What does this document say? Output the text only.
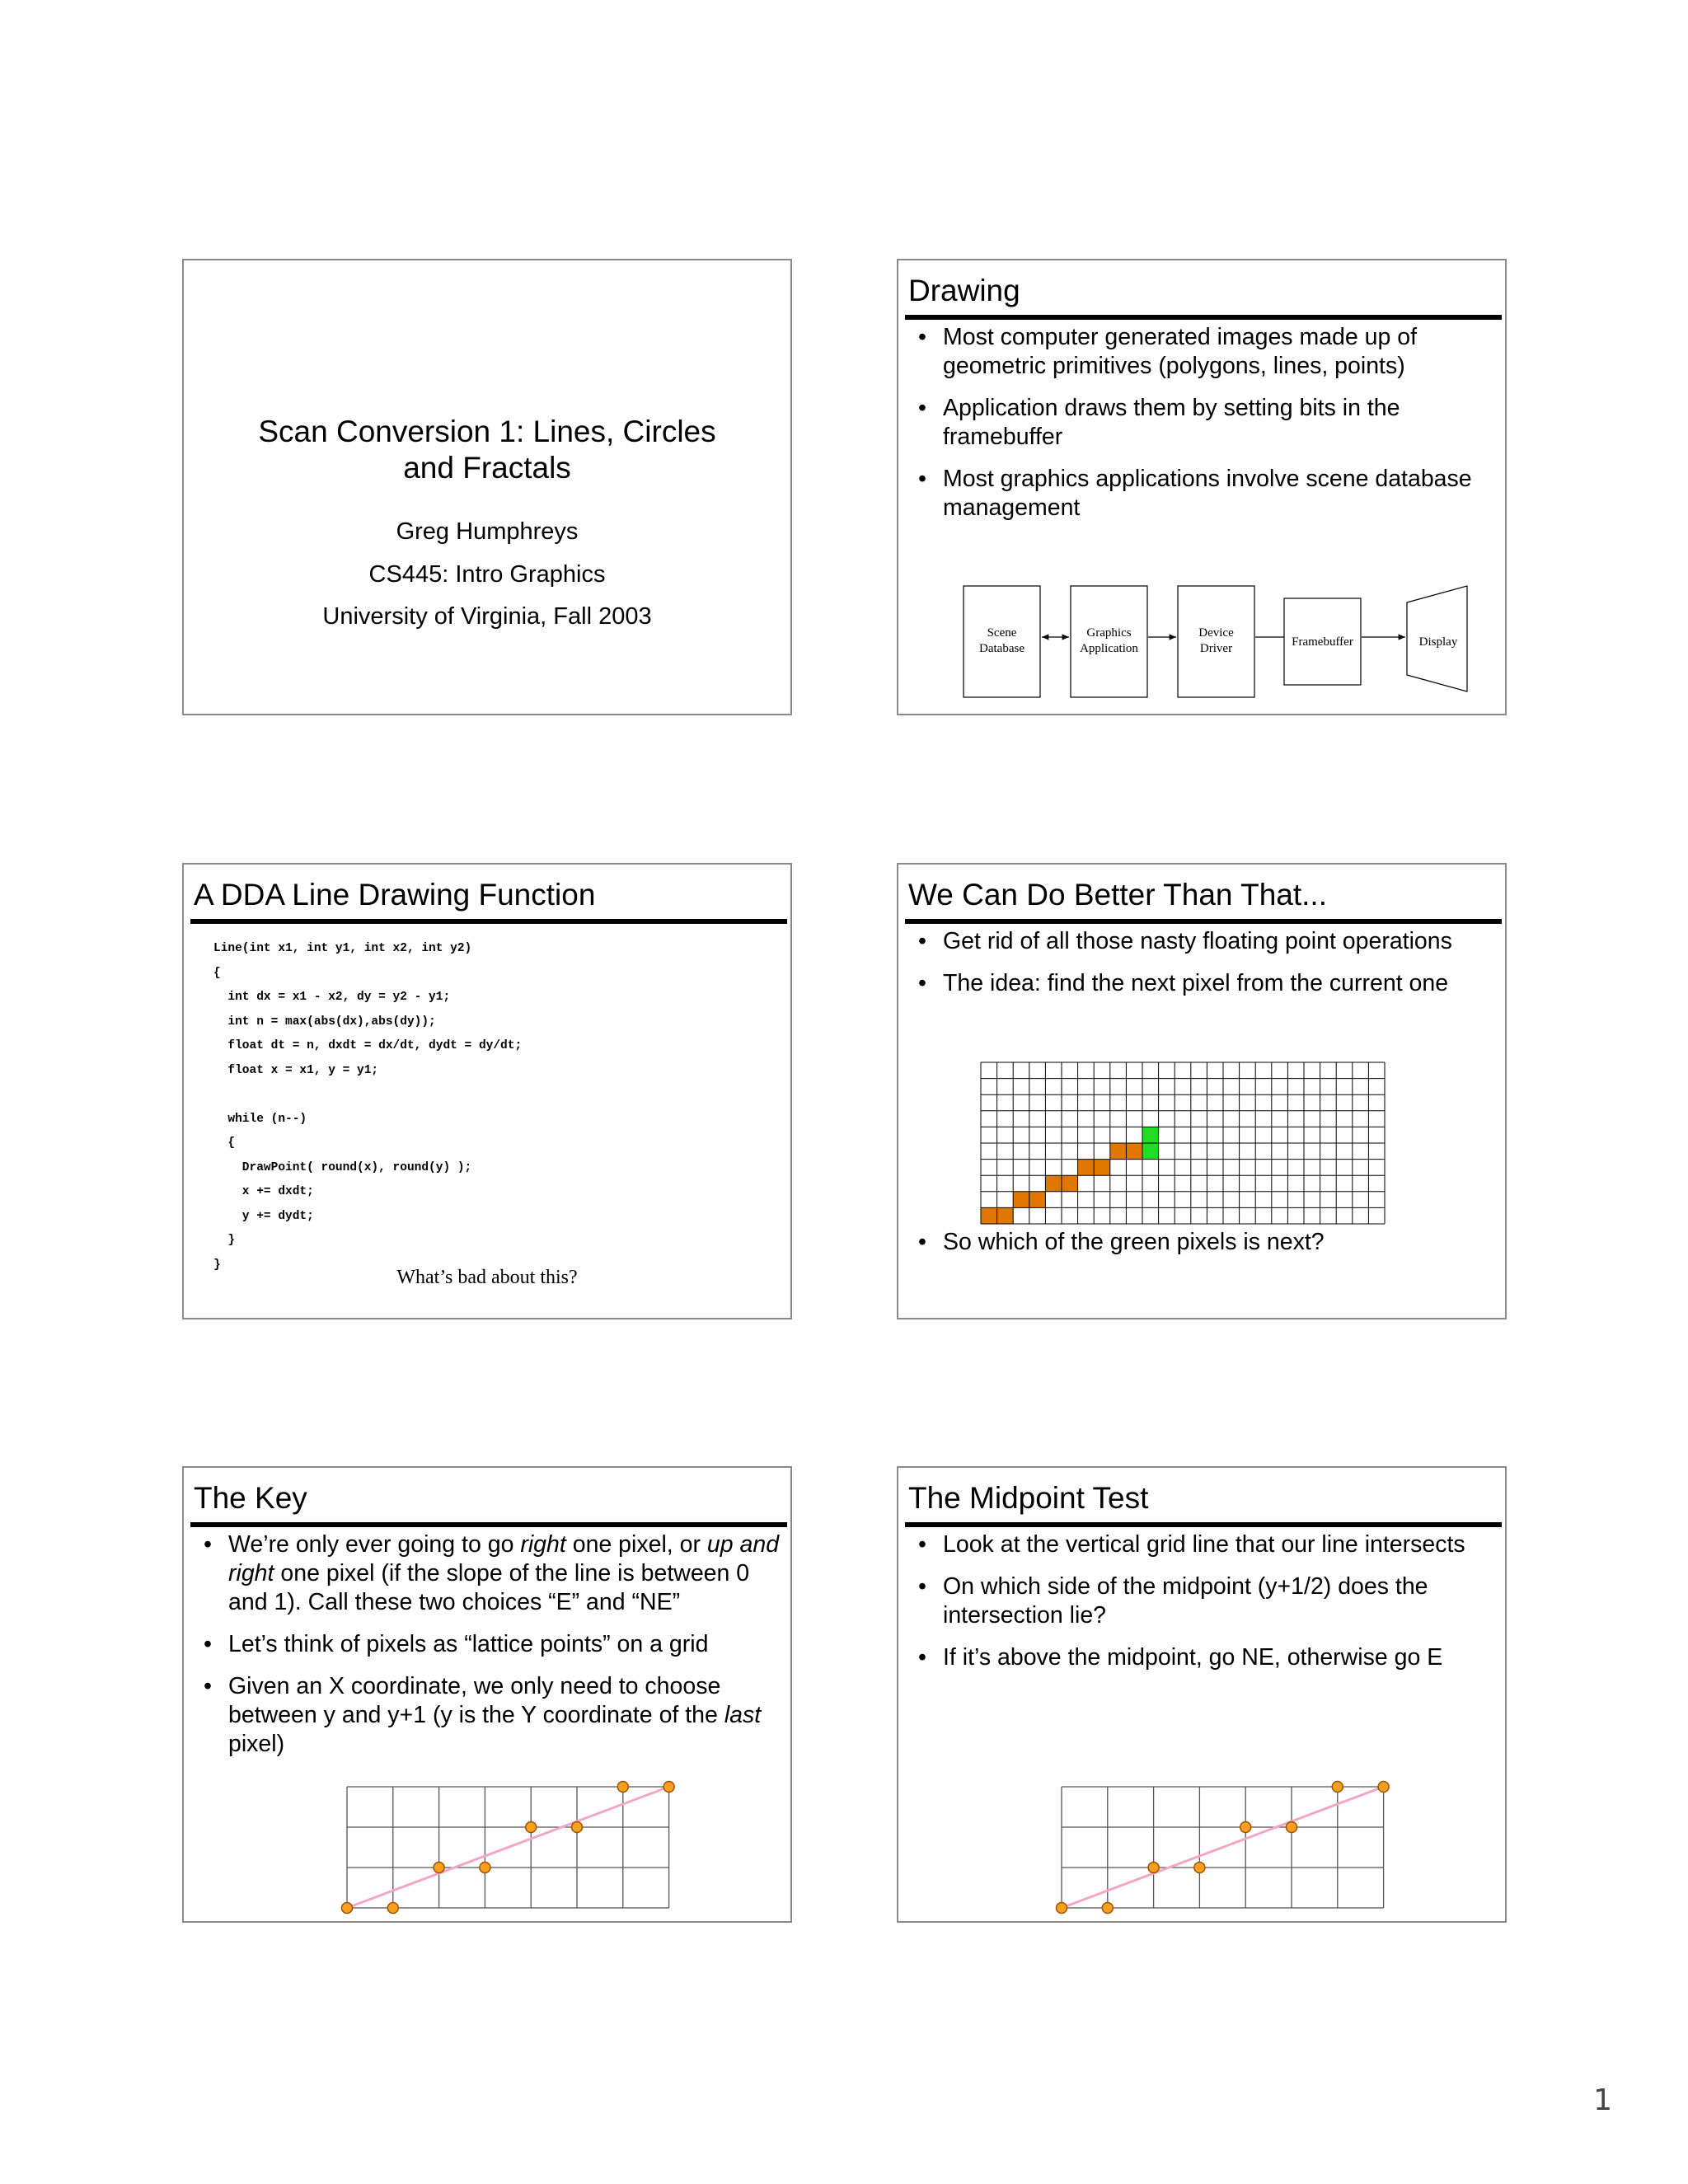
Scan Conversion 1: Lines, Circles
and Fractals
Greg Humphreys
CS445: Intro Graphics
University of Virginia, Fall 2003
Drawing
• Most computer generated images made up of geometric primitives (polygons, lines, points)
• Application draws them by setting bits in the framebuffer
• Most graphics applications involve scene database management
Scene
Database
Graphics
Application
Device
Driver	Framebuffer	Display
A DDA Line Drawing Function
Line(int x1, int y1, int x2, int y2)
{
int dx = x1 - x2, dy = y2 - y1;
int n = max(abs(dx),abs(dy));
float dt = n, dxdt = dx/dt, dydt = dy/dt;
float x = x1, y = y1;

while (n--)
{
DrawPoint( round(x), round(y) );
x += dxdt;
y += dydt;
}
}
What’s bad about this?
We Can Do Better Than That...
• Get rid of all those nasty floating point operations
• The idea: find the next pixel from the current one
• So which of the green pixels is next?
The Key
• We’re only ever going to go right one pixel, or up and right one pixel (if the slope of the line is between 0 and 1). Call these two choices “E” and “NE”
• Let’s think of pixels as “lattice points” on a grid
• Given an X coordinate, we only need to choose between y and y+1 (y is the Y coordinate of the last pixel)
The Midpoint Test
• Look at the vertical grid line that our line intersects
• On which side of the midpoint (y+1/2) does the intersection lie?
• If it’s above the midpoint, go NE, otherwise go E
1
